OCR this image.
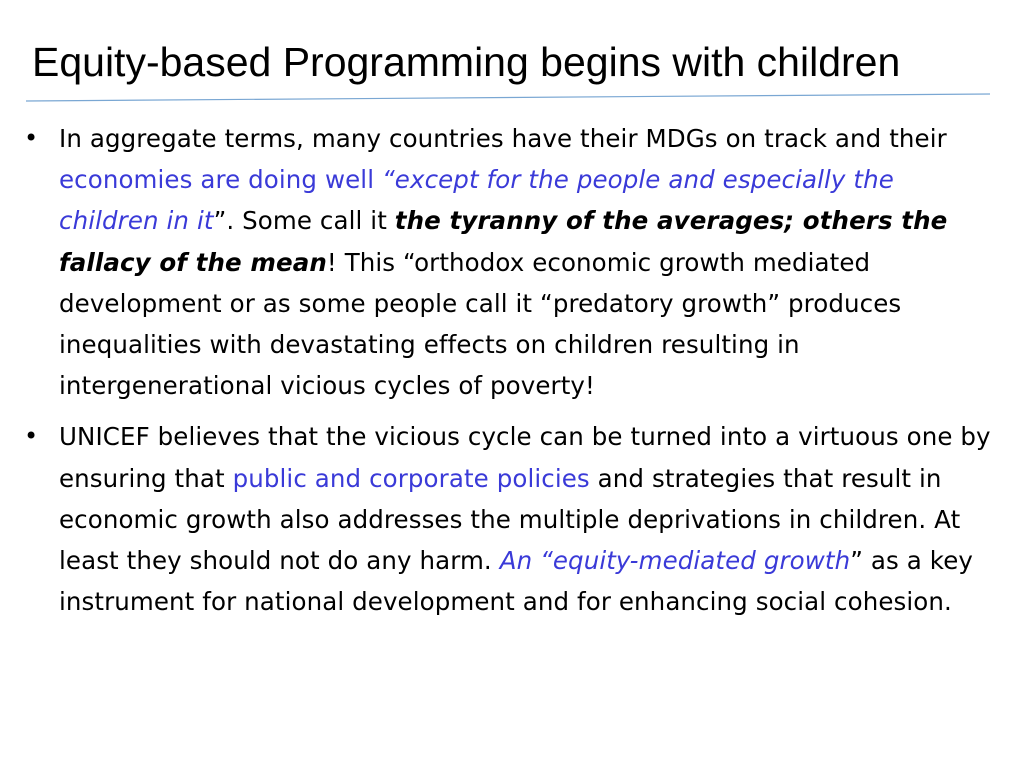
Equity-based Programming begins with children
• In aggregate terms, many countries have their MDGs on track and their economies are doing well “except for the people and especially the children in it”. Some call it the tyranny of the averages; others the fallacy of the mean! This “orthodox economic growth mediated development or as some people call it “predatory growth” produces inequalities with devastating effects on children resulting in intergenerational vicious cycles of poverty!
• UNICEF believes that the vicious cycle can be turned into a virtuous one by ensuring that public and corporate policies and strategies that result in economic growth also addresses the multiple deprivations in children. At least they should not do any harm. An “equity-mediated growth” as a key instrument for national development and for enhancing social cohesion.
